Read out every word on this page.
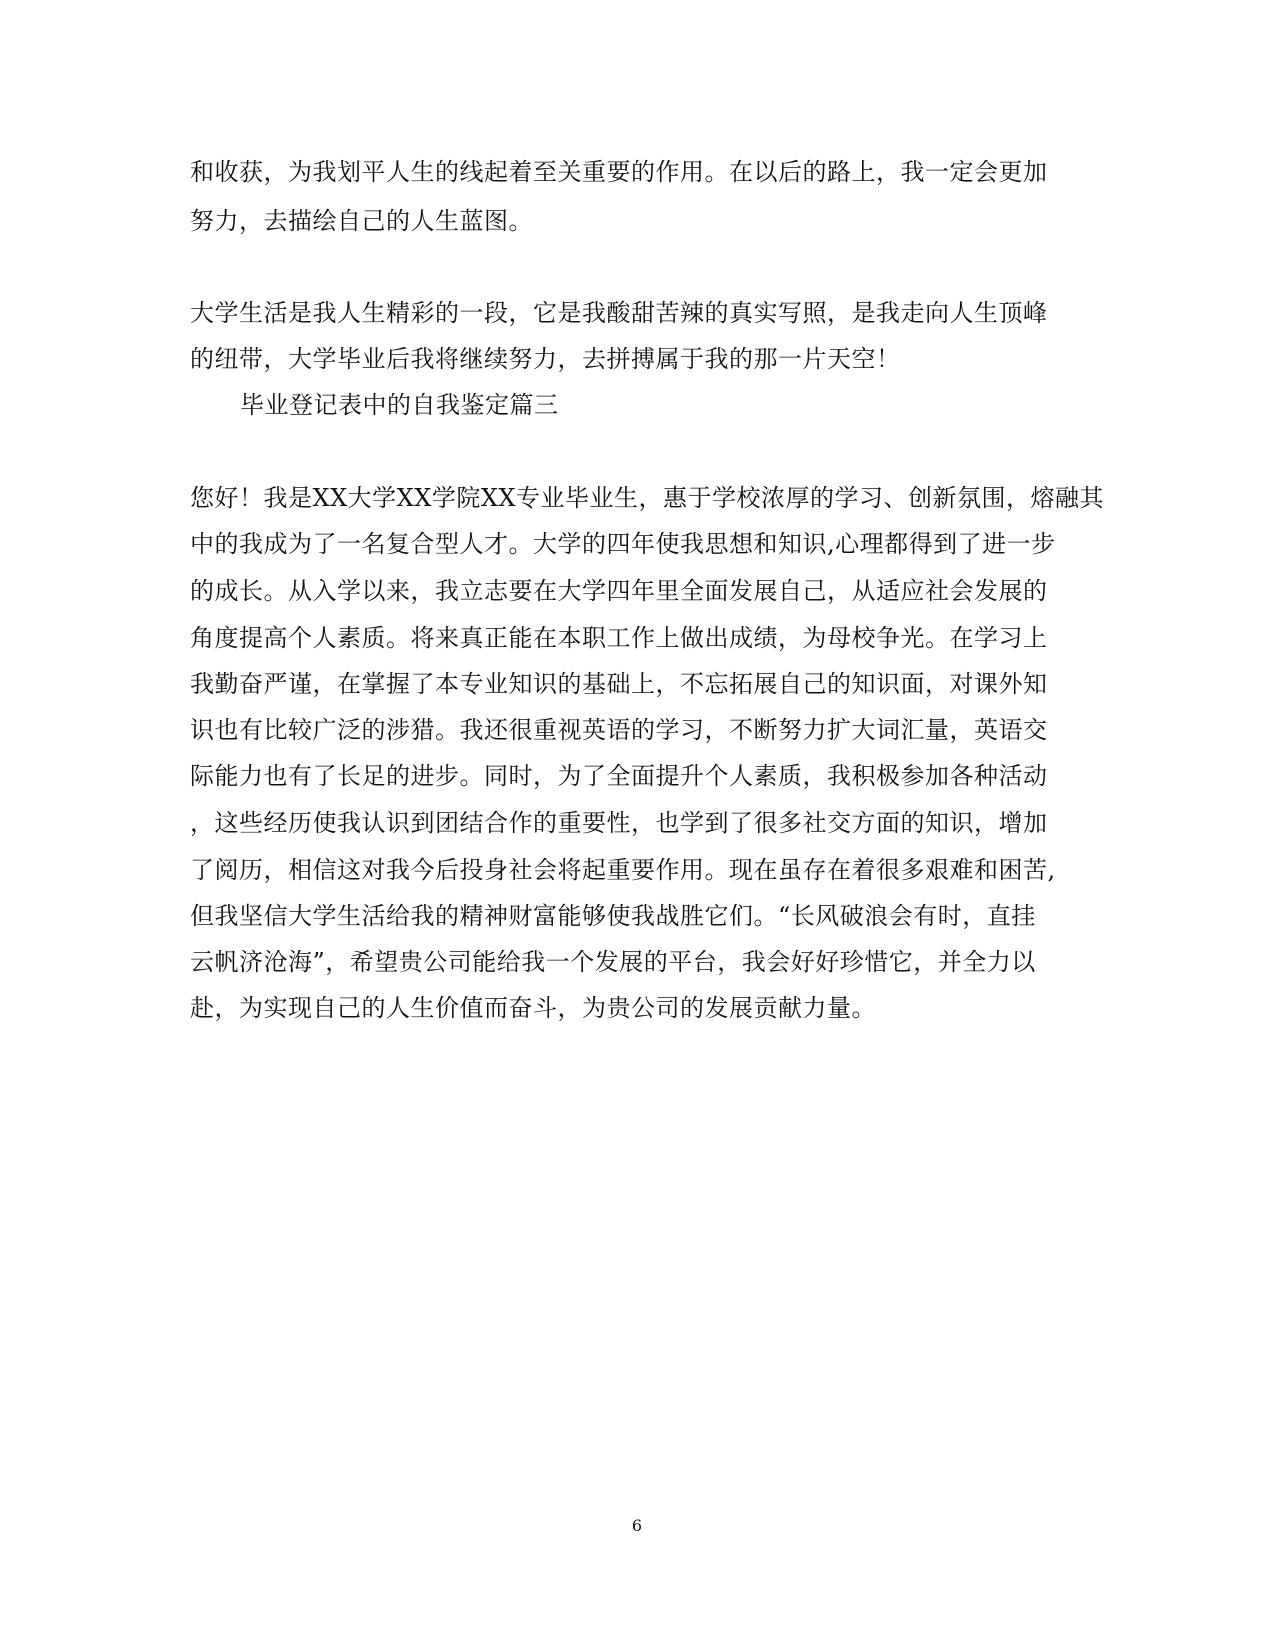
和收获，为我划平人生的线起着至关重要的作用。在以后的路上，我一定会更加
努力，去描绘自己的人生蓝图。
大学生活是我人生精彩的一段，它是我酸甜苦辣的真实写照，是我走向人生顶峰
的纽带，大学毕业后我将继续努力，去拼搏属于我的那一片天空！
毕业登记表中的自我鉴定篇三
您好！我是XX大学XX学院XX专业毕业生，惠于学校浓厚的学习、创新氛围，熔融其
中的我成为了一名复合型人才。大学的四年使我思想和知识,心理都得到了进一步
的成长。从入学以来，我立志要在大学四年里全面发展自己，从适应社会发展的
角度提高个人素质。将来真正能在本职工作上做出成绩，为母校争光。在学习上
我勤奋严谨，在掌握了本专业知识的基础上，不忘拓展自己的知识面，对课外知
识也有比较广泛的涉猎。我还很重视英语的学习，不断努力扩大词汇量，英语交
际能力也有了长足的进步。同时，为了全面提升个人素质，我积极参加各种活动
，这些经历使我认识到团结合作的重要性，也学到了很多社交方面的知识，增加
了阅历，相信这对我今后投身社会将起重要作用。现在虽存在着很多艰难和困苦,
但我坚信大学生活给我的精神财富能够使我战胜它们。“长风破浪会有时，直挂
云帆济沧海”，希望贵公司能给我一个发展的平台，我会好好珍惜它，并全力以
赴，为实现自己的人生价值而奋斗，为贵公司的发展贡献力量。
6
